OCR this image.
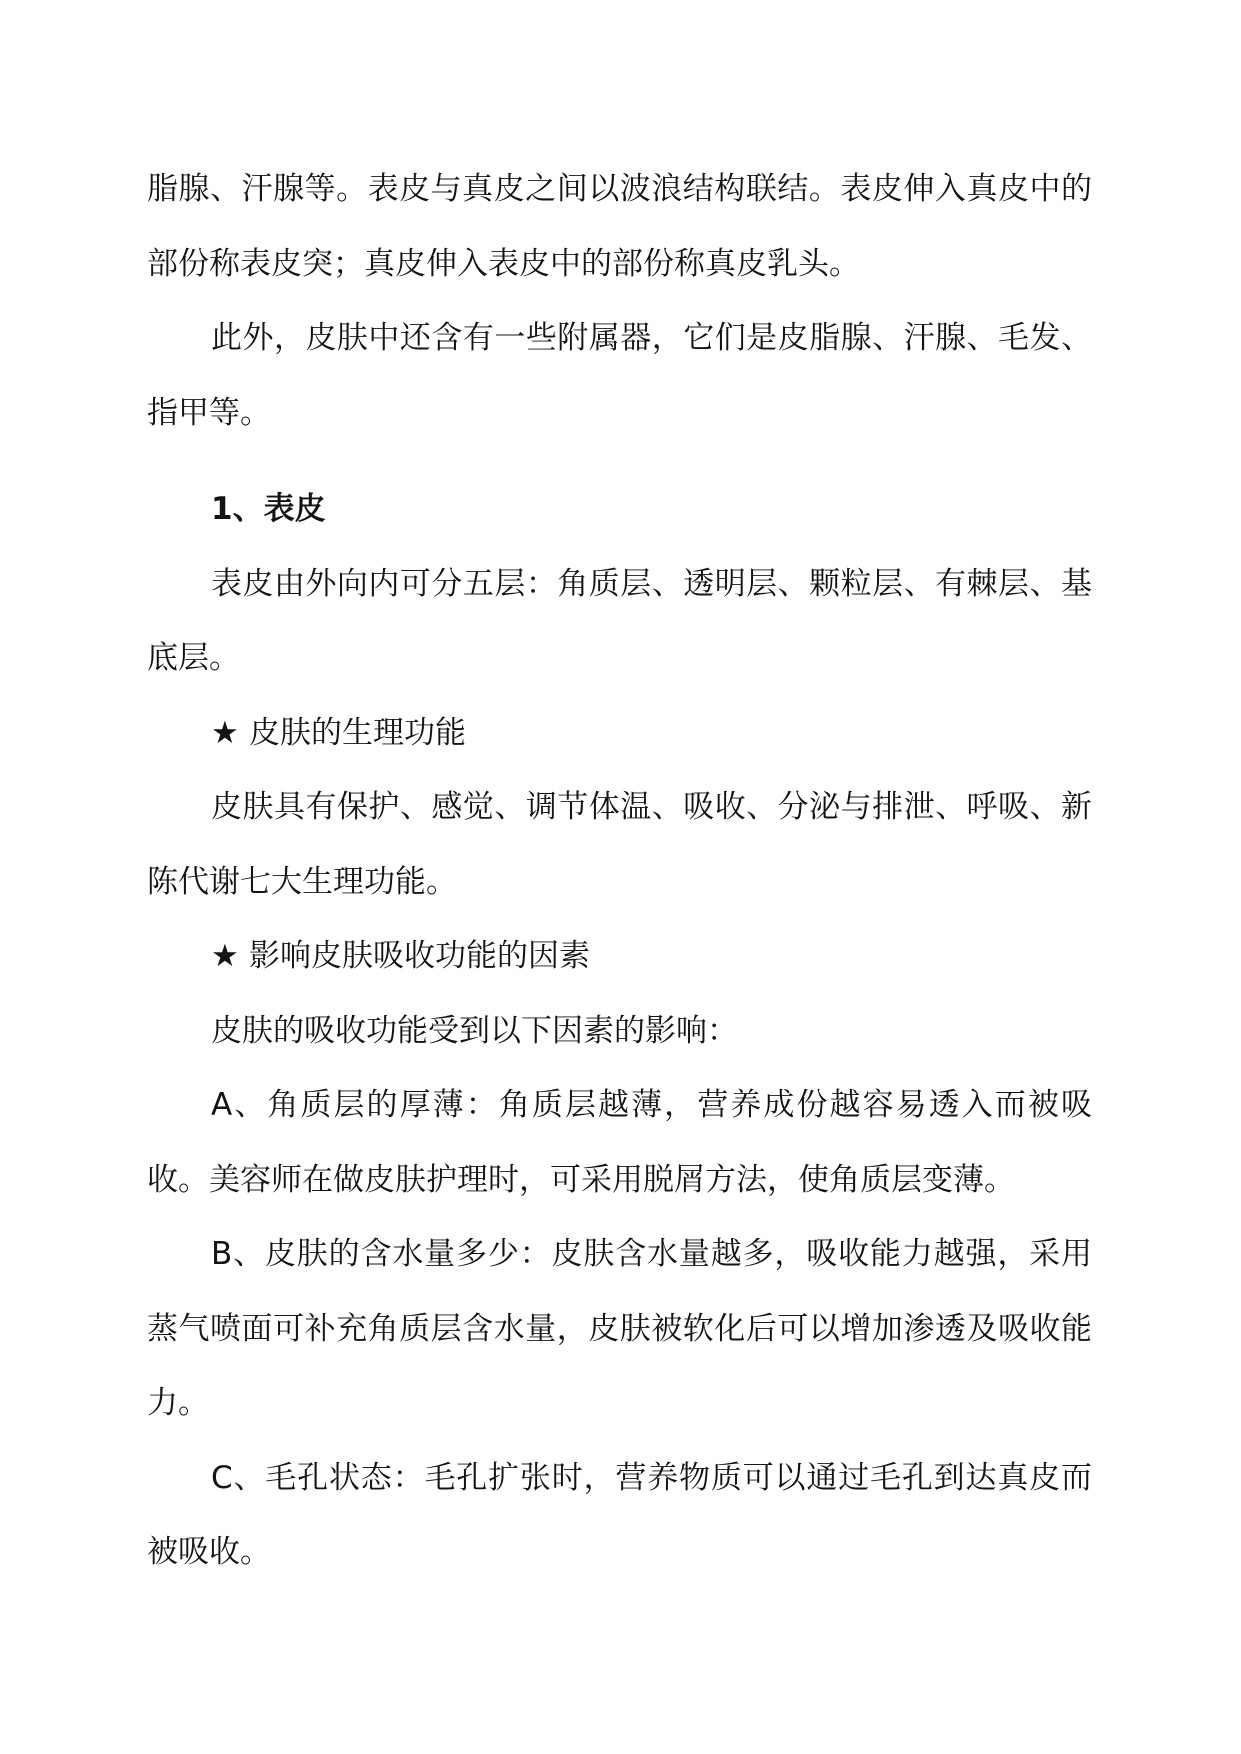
脂腺、汗腺等。表皮与真皮之间以波浪结构联结。表皮伸入真皮中的部份称表皮突；真皮伸入表皮中的部份称真皮乳头。

此外，皮肤中还含有一些附属器，它们是皮脂腺、汗腺、毛发、指甲等。

1、表皮

表皮由外向内可分五层：角质层、透明层、颗粒层、有棘层、基底层。

★ 皮肤的生理功能

皮肤具有保护、感觉、调节体温、吸收、分泌与排泄、呼吸、新陈代谢七大生理功能。

★ 影响皮肤吸收功能的因素

皮肤的吸收功能受到以下因素的影响：

A、角质层的厚薄：角质层越薄，营养成份越容易透入而被吸收。美容师在做皮肤护理时，可采用脱屑方法，使角质层变薄。

B、皮肤的含水量多少：皮肤含水量越多，吸收能力越强，采用蒸气喷面可补充角质层含水量，皮肤被软化后可以增加渗透及吸收能力。

C、毛孔状态：毛孔扩张时，营养物质可以通过毛孔到达真皮而被吸收。
